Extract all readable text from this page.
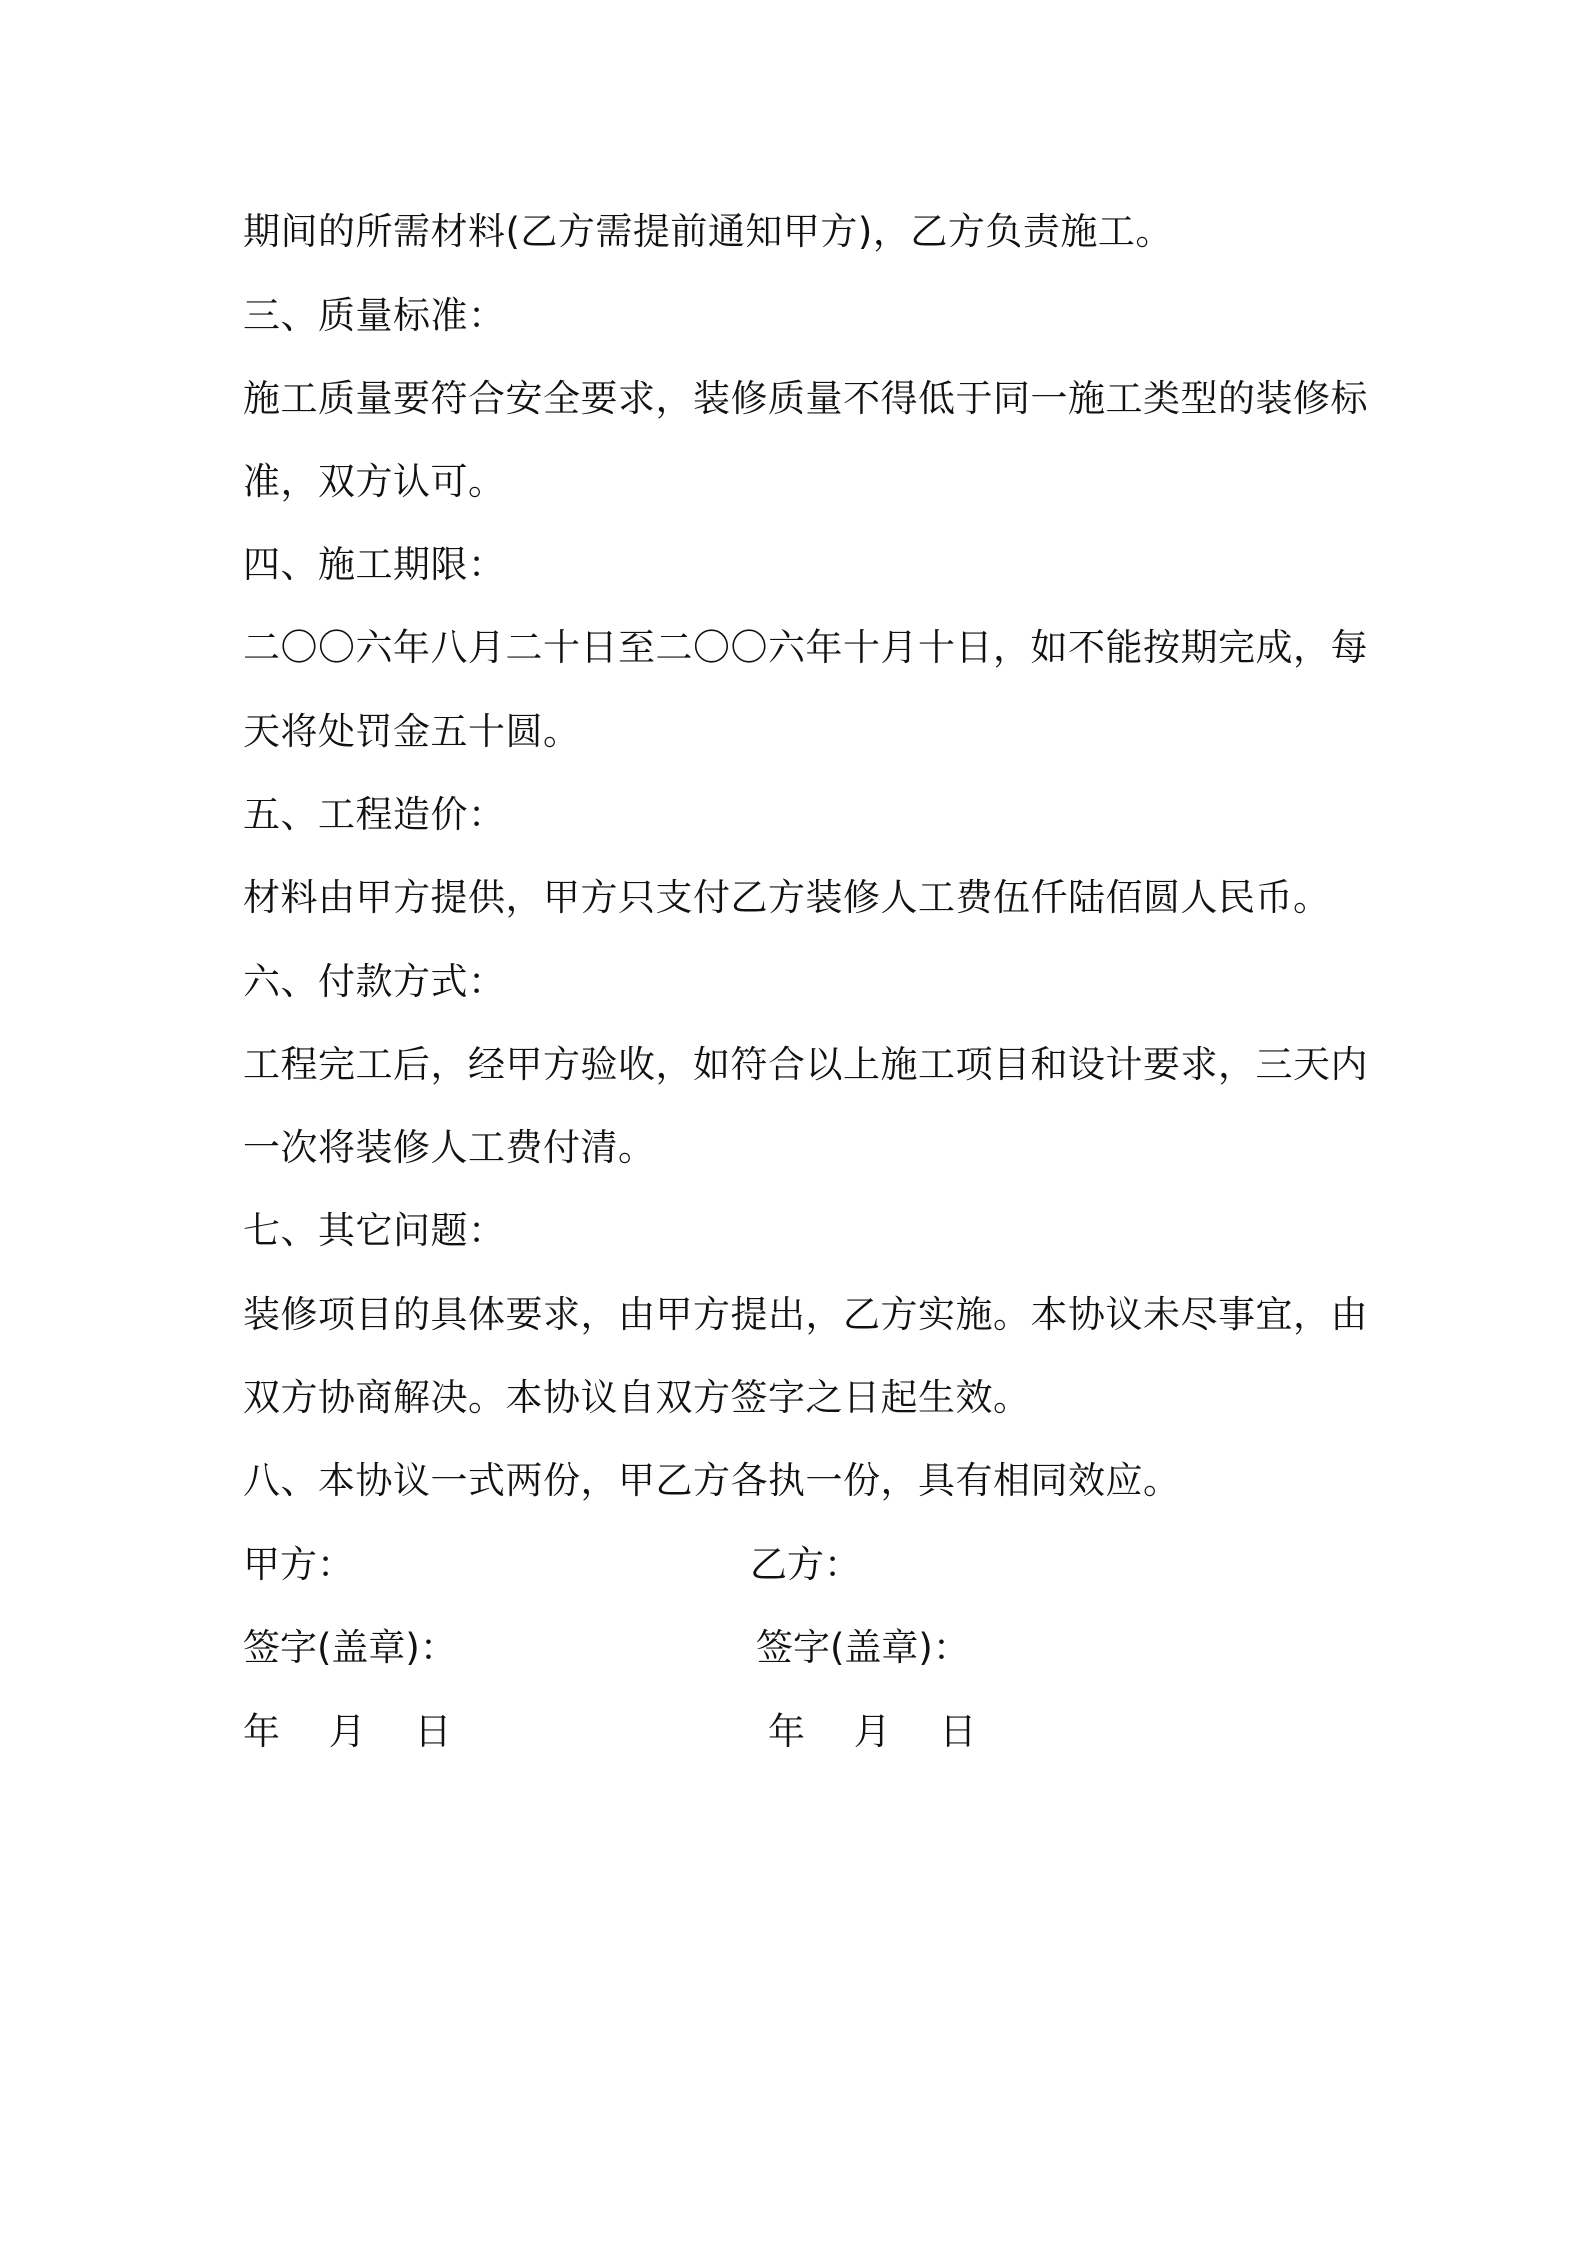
期间的所需材料(乙方需提前通知甲方)，乙方负责施工。
三、质量标准：
施工质量要符合安全要求，装修质量不得低于同一施工类型的装修标
准，双方认可。
四、施工期限：
二〇〇六年八月二十日至二〇〇六年十月十日，如不能按期完成，每
天将处罚金五十圆。
五、工程造价：
材料由甲方提供，甲方只支付乙方装修人工费伍仟陆佰圆人民币。
六、付款方式：
工程完工后，经甲方验收，如符合以上施工项目和设计要求，三天内
一次将装修人工费付清。
七、其它问题：
装修项目的具体要求，由甲方提出，乙方实施。本协议未尽事宜，由
双方协商解决。本协议自双方签字之日起生效。
八、本协议一式两份，甲乙方各执一份，具有相同效应。
甲方：	乙方：
签字(盖章)：	签字(盖章)：
年　 月　 日	年　 月　 日
